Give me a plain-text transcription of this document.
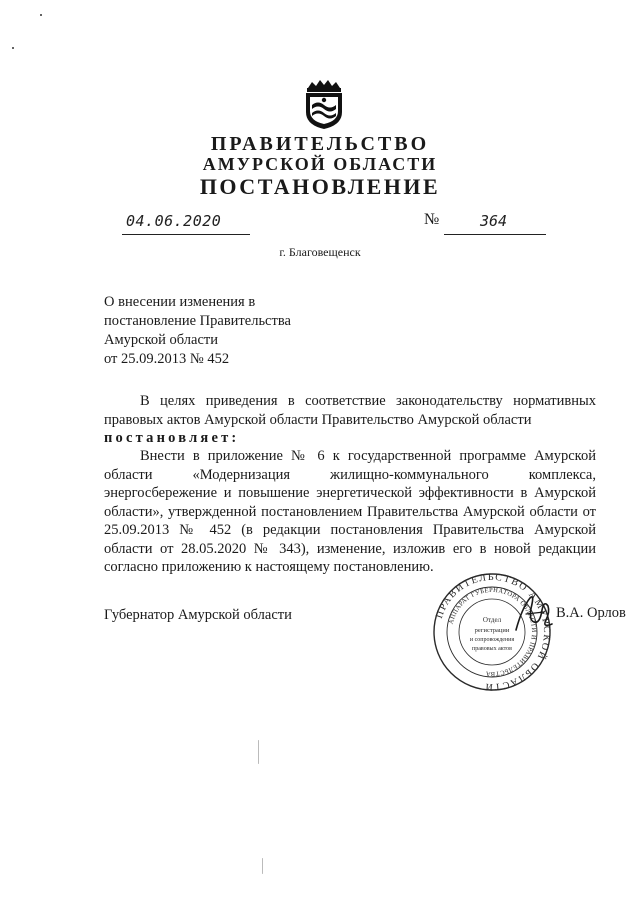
ПРАВИТЕЛЬСТВО
АМУРСКОЙ ОБЛАСТИ
ПОСТАНОВЛЕНИЕ
04.06.2020	№	364
г. Благовещенск
О внесении изменения в
постановление Правительства
Амурской области
от 25.09.2013 № 452
В целях приведения в соответствие законодательству нормативных правовых актов Амурской области Правительство Амурской области
постановляет:
Внести в приложение № 6 к государственной программе Амурской области «Модернизация жилищно-коммунального комплекса, энергосбережение и повышение энергетической эффективности в Амурской области», утвержденной постановлением Правительства Амурской области от 25.09.2013 № 452 (в редакции постановления Правительства Амурской области от 28.05.2020 № 343), изменение, изложив его в новой редакции согласно приложению к настоящему постановлению.
Губернатор Амурской области	В.А. Орлов
ПРАВИТЕЛЬСТВО АМУРСКОЙ ОБЛАСТИ
АППАРАТ ГУБЕРНАТОРА ОБЛАСТИ И ПРАВИТЕЛЬСТВА
Отдел
регистрации
и сопровождения
правовых актов
